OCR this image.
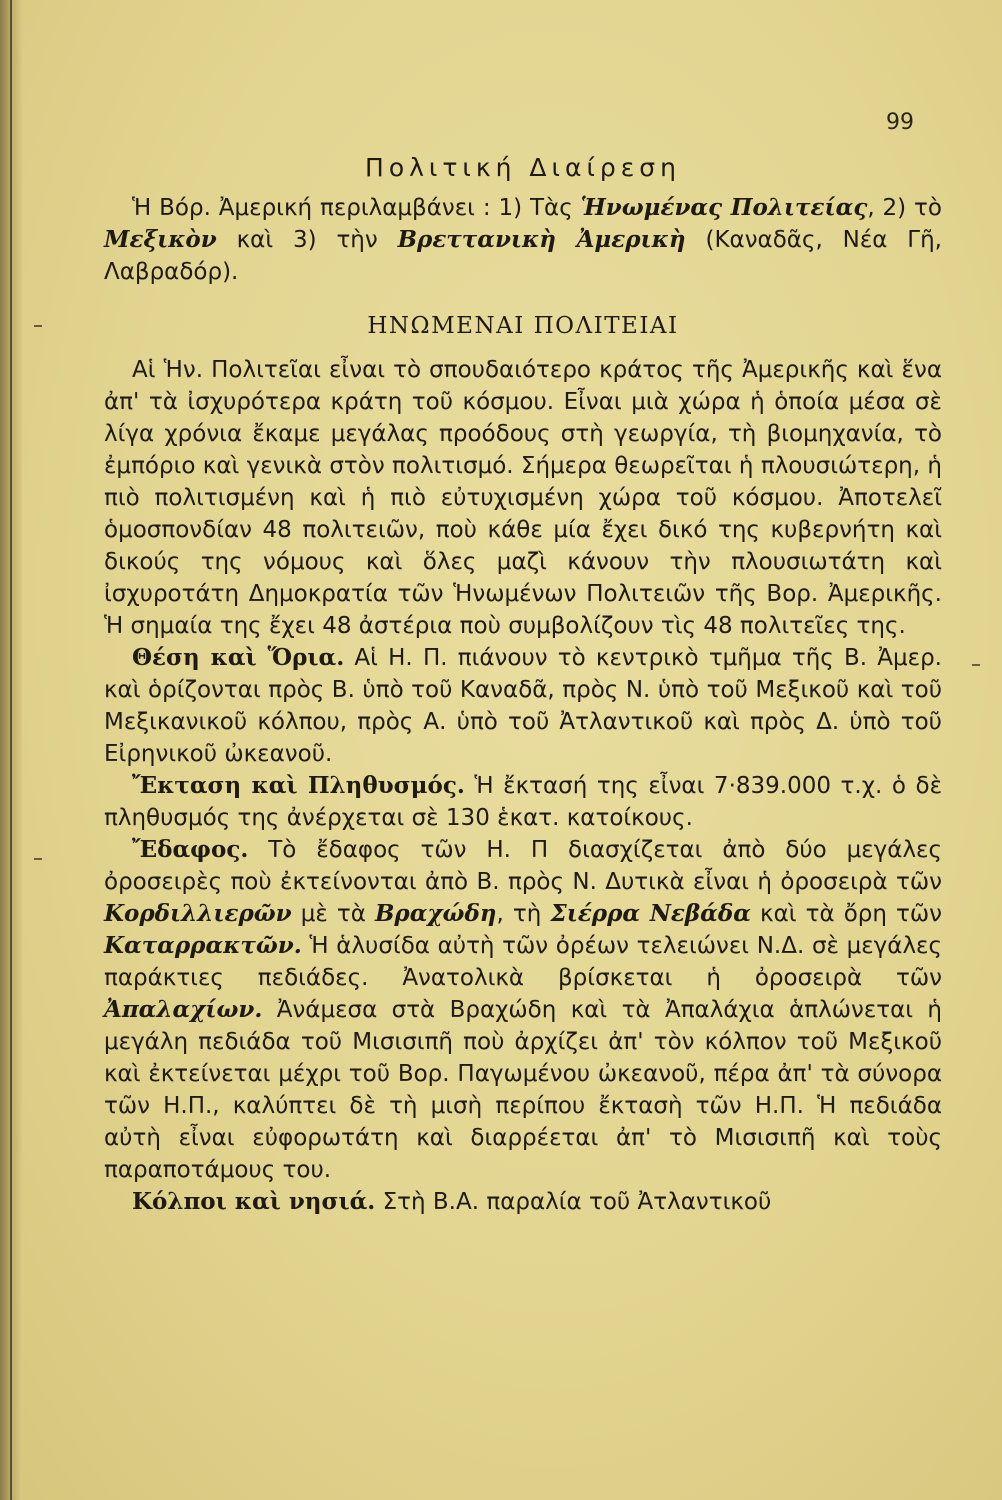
99
Πολιτική Διαίρεση

Ἡ Βόρ. Ἀμερική περιλαμβάνει : 1) Τὰς Ἡνωμένας Πολιτείας, 2) τὸ Μεξικὸν καὶ 3) τὴν Βρεττανικὴ Ἀμερικὴ (Καναδᾶς, Νέα Γῆ, Λαβραδόρ).

ΗΝΩΜΕΝΑΙ ΠΟΛΙΤΕΙΑΙ

Αἱ Ἡν. Πολιτεῖαι εἶναι τὸ σπουδαιότερο κράτος τῆς Ἀμερικῆς καὶ ἕνα ἀπ' τὰ ἰσχυρότερα κράτη τοῦ κόσμου. Εἶναι μιὰ χώρα ἡ ὁποία μέσα σὲ λίγα χρόνια ἔκαμε μεγάλας προόδους στὴ γεωργία, τὴ βιομηχανία, τὸ ἐμπόριο καὶ γενικὰ στὸν πολιτισμό. Σήμερα θεωρεῖται ἡ πλουσιώτερη, ἡ πιὸ πολιτισμένη καὶ ἡ πιὸ εὐτυχισμένη χώρα τοῦ κόσμου. Ἀποτελεῖ ὁμοσπονδίαν 48 πολιτειῶν, ποὺ κάθε μία ἔχει δικό της κυβερνήτη καὶ δικούς της νόμους καὶ ὅλες μαζὶ κάνουν τὴν πλουσιωτάτη καὶ ἰσχυροτάτη Δημοκρατία τῶν Ἡνωμένων Πολιτειῶν τῆς Βορ. Ἀμερικῆς. Ἡ σημαία της ἔχει 48 ἀστέρια ποὺ συμβολίζουν τὶς 48 πολιτεῖες της.

Θέση καὶ Ὅρια. Αἱ Η. Π. πιάνουν τὸ κεντρικὸ τμῆμα τῆς Β. Ἀμερ. καὶ ὁρίζονται πρὸς Β. ὑπὸ τοῦ Καναδᾶ, πρὸς Ν. ὑπὸ τοῦ Μεξικοῦ καὶ τοῦ Μεξικανικοῦ κόλπου, πρὸς Α. ὑπὸ τοῦ Ἀτλαντικοῦ καὶ πρὸς Δ. ὑπὸ τοῦ Εἰρηνικοῦ ὠκεανοῦ.

Ἔκταση καὶ Πληθυσμός. Ἡ ἔκτασή της εἶναι 7·839.000 τ.χ. ὁ δὲ πληθυσμός της ἀνέρχεται σὲ 130 ἑκατ. κατοίκους.

Ἔδαφος. Τὸ ἔδαφος τῶν Η. Π διασχίζεται ἀπὸ δύο μεγάλες ὀροσειρὲς ποὺ ἐκτείνονται ἀπὸ Β. πρὸς Ν. Δυτικὰ εἶναι ἡ ὀροσειρὰ τῶν Κορδιλλιερῶν μὲ τὰ Βραχώδη, τὴ Σιέρρα Νεβάδα καὶ τὰ ὄρη τῶν Καταρρακτῶν. Ἡ ἁλυσίδα αὐτὴ τῶν ὀρέων τελειώνει Ν.Δ. σὲ μεγάλες παράκτιες πεδιάδες. Ἀνατολικὰ βρίσκεται ἡ ὀροσειρὰ τῶν Ἀπαλαχίων. Ἀνάμεσα στὰ Βραχώδη καὶ τὰ Ἀπαλάχια ἁπλώνεται ἡ μεγάλη πεδιάδα τοῦ Μισισιπῆ ποὺ ἀρχίζει ἀπ' τὸν κόλπον τοῦ Μεξικοῦ καὶ ἐκτείνεται μέχρι τοῦ Βορ. Παγωμένου ὠκεανοῦ, πέρα ἀπ' τὰ σύνορα τῶν Η.Π., καλύπτει δὲ τὴ μισὴ περίπου ἔκτασὴ τῶν Η.Π. Ἡ πεδιάδα αὐτὴ εἶναι εὐφορωτάτη καὶ διαρρέεται ἀπ' τὸ Μισισιπῆ καὶ τοὺς παραποτάμους του.

Κόλποι καὶ νησιά. Στὴ Β.Α. παραλία τοῦ Ἀτλαντικοῦ
